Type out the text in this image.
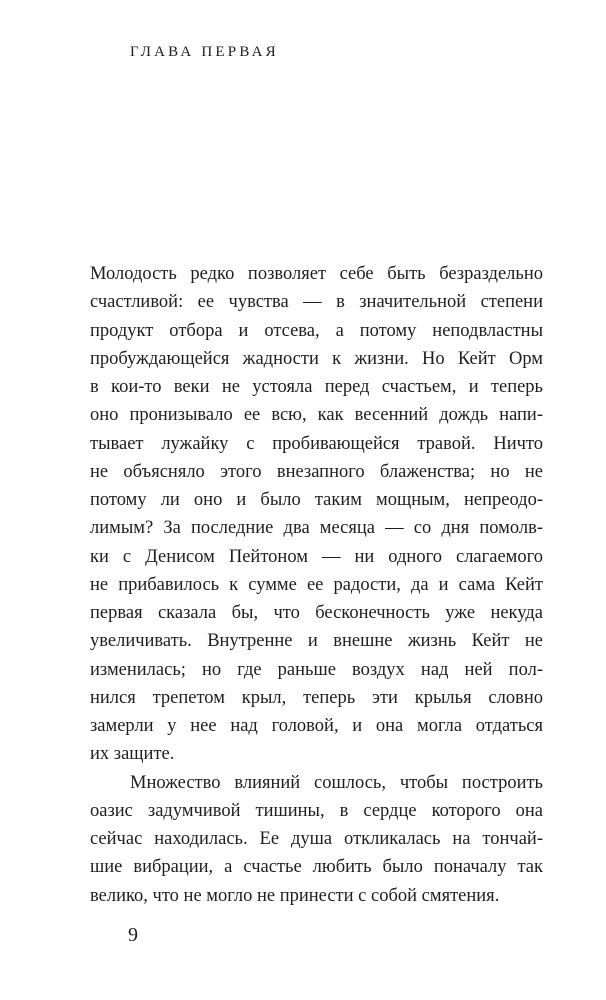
ГЛАВА ПЕРВАЯ
Молодость редко позволяет себе быть безраздельно
счастливой: ее чувства — в значительной степени
продукт отбора и отсева, а потому неподвластны
пробуждающейся жадности к жизни. Но Кейт Орм
в кои-то веки не устояла перед счастьем, и теперь
оно пронизывало ее всю, как весенний дождь напи-
тывает лужайку с пробивающейся травой. Ничто
не объясняло этого внезапного блаженства; но не
потому ли оно и было таким мощным, непреодо-
лимым? За последние два месяца — со дня помолв-
ки с Денисом Пейтоном — ни одного слагаемого
не прибавилось к сумме ее радости, да и сама Кейт
первая сказала бы, что бесконечность уже некуда
увеличивать. Внутренне и внешне жизнь Кейт не
изменилась; но где раньше воздух над ней пол-
нился трепетом крыл, теперь эти крылья словно
замерли у нее над головой, и она могла отдаться
их защите.
Множество влияний сошлось, чтобы построить
оазис задумчивой тишины, в сердце которого она
сейчас находилась. Ее душа откликалась на тончай-
шие вибрации, а счастье любить было поначалу так
велико, что не могло не принести с собой смятения.
9
